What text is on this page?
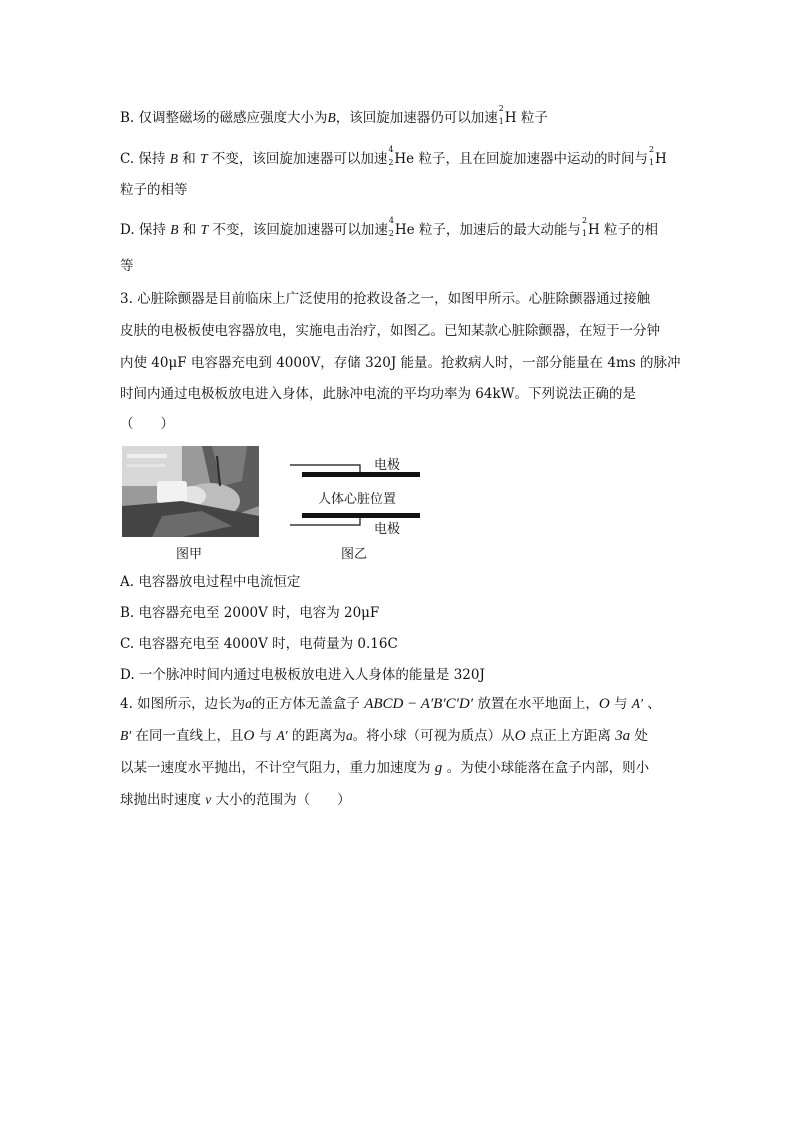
B. 仅调整磁场的磁感应强度大小为B，该回旋加速器仍可以加速
2
1 H 粒子
C. 保持 B 和 T 不变，该回旋加速器可以加速
4
2 He 粒子，且在回旋加速器中运动的时间与
2
1 H
粒子的相等
D. 保持 B 和 T 不变，该回旋加速器可以加速
4
2 He 粒子，加速后的最大动能与
2
1 H 粒子的相
等
3. 心脏除颤器是目前临床上广泛使用的抢救设备之一，如图甲所示。心脏除颤器通过接触
皮肤的电极板使电容器放电，实施电击治疗，如图乙。已知某款心脏除颤器，在短于一分钟
内使 40μF 电容器充电到 4000V，存储 320J 能量。抢救病人时，一部分能量在 4ms 的脉冲
时间内通过电极板放电进入身体，此脉冲电流的平均功率为 64kW。下列说法正确的是
（　　）
图甲
电极
人体心脏位置
电极
图乙
A. 电容器放电过程中电流恒定
B. 电容器充电至 2000V 时，电容为 20μF
C. 电容器充电至 4000V 时，电荷量为 0.16C
D. 一个脉冲时间内通过电极板放电进入人身体的能量是 320J
4. 如图所示，边长为a的正方体无盖盒子 ABCD − A′B′C′D′ 放置在水平地面上，O 与 A′ 、
B′ 在同一直线上，且O 与 A′ 的距离为a。将小球（可视为质点）从O 点正上方距离 3a 处
以某一速度水平抛出，不计空气阻力，重力加速度为 g 。为使小球能落在盒子内部，则小
球抛出时速度 v 大小的范围为（　　）
